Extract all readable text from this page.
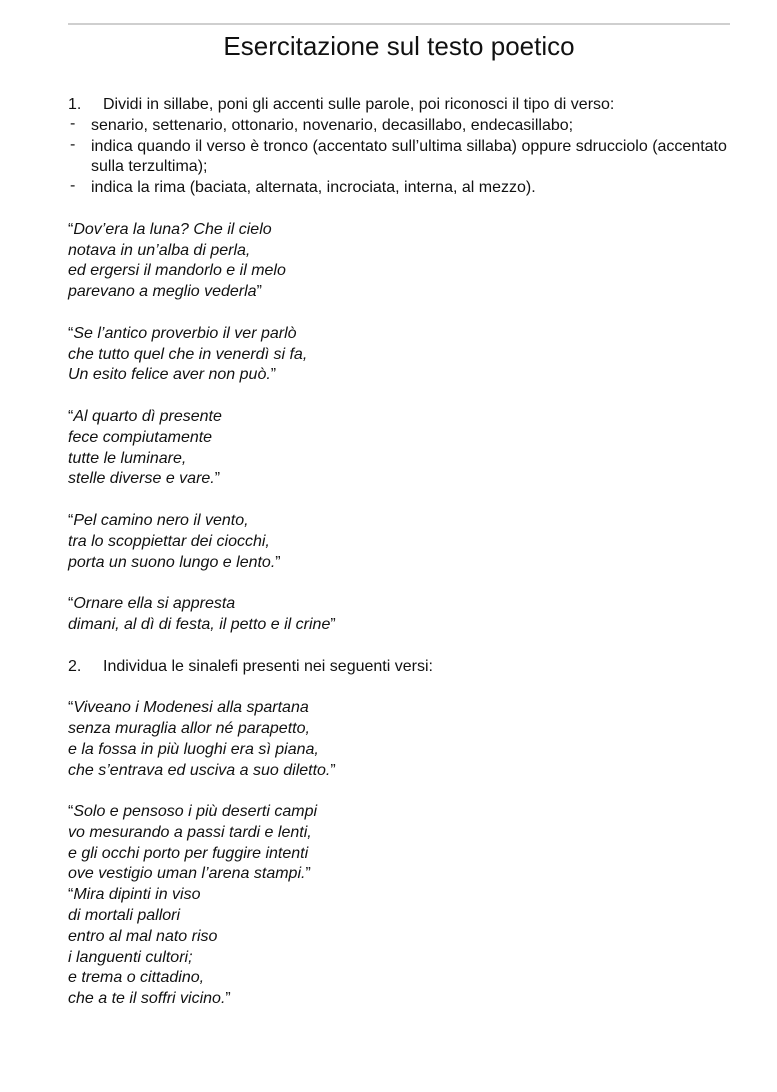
Esercitazione sul testo poetico
1.	Dividi in sillabe, poni gli accenti sulle parole, poi riconosci il tipo di verso:
- senario, settenario, ottonario, novenario, decasillabo, endecasillabo;
- indica quando il verso è tronco (accentato sull’ultima sillaba) oppure sdrucciolo (accentato sulla terzultima);
- indica la rima (baciata, alternata, incrociata, interna, al mezzo).
“Dov’era la luna? Che il cielo
notava in un’alba di perla,
ed ergersi il mandorlo e il melo
parevano a meglio vederla”
“Se l’antico proverbio il ver parlò
che tutto quel che in venerdì si fa,
Un esito felice aver non può.”
“Al quarto dì presente
fece compiutamente
tutte le luminare,
stelle diverse e vare.”
“Pel camino nero il vento,
tra lo scoppiettar dei ciocchi,
porta un suono lungo e lento.”
“Ornare ella si appresta
dimani, al dì di festa, il petto e il crine”
2.	Individua le sinalefi presenti nei seguenti versi:
“Viveano i Modenesi alla spartana
senza muraglia allor né parapetto,
e la fossa in più luoghi era sì piana,
che s’entrava ed usciva a suo diletto.”
“Solo e pensoso i più deserti campi
vo mesurando a passi tardi e lenti,
e gli occhi porto per fuggire intenti
ove vestigio uman l’arena stampi.”
“Mira dipinti in viso
di mortali pallori
entro al mal nato riso
i languenti cultori;
e trema o cittadino,
che a te il soffri vicino.”
